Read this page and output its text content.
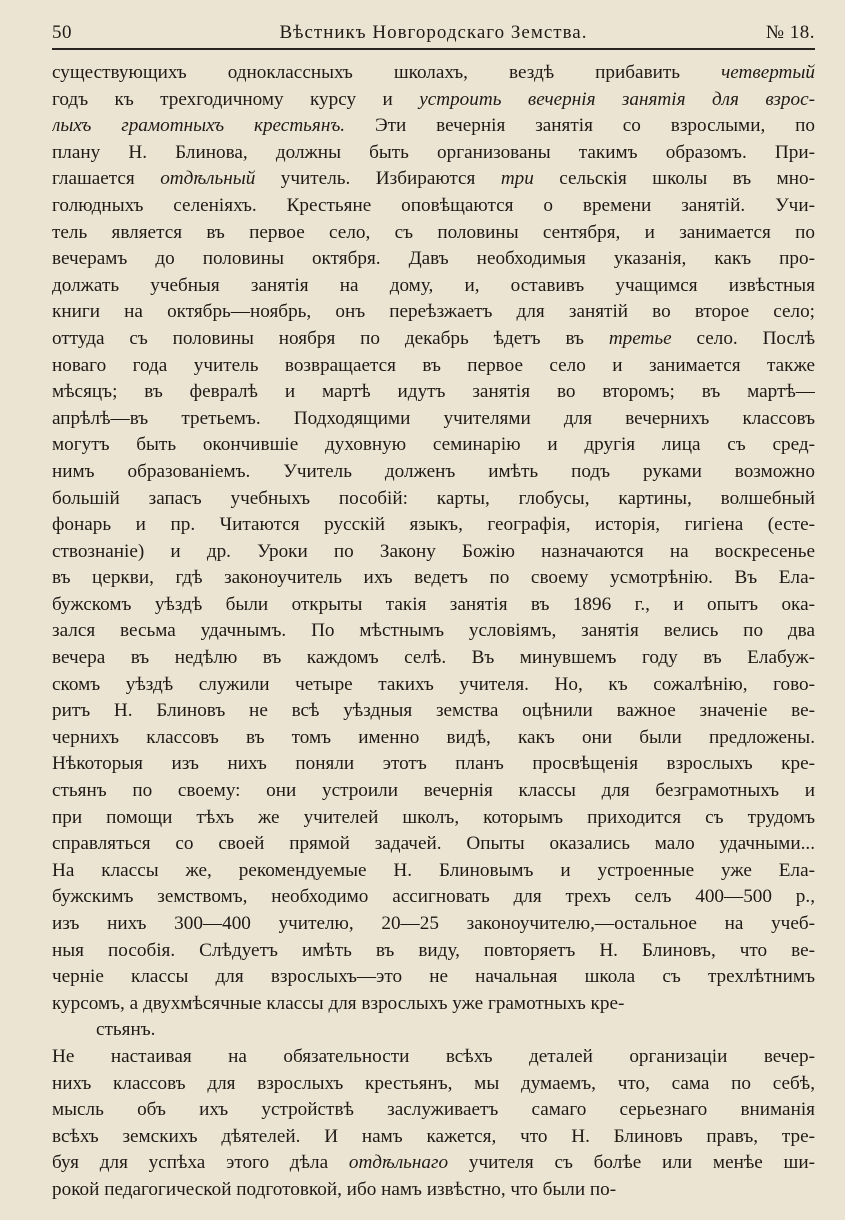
50	Вѣстникъ Новгородскаго Земства.	№ 18.
существующихъ одноклассныхъ школахъ, вездѣ прибавить четвертый
годъ къ трехгодичному курсу и устроить вечернія занятія для взрос-
лыхъ грамотныхъ крестьянъ. Эти вечернія занятія со взрослыми, по
плану Н. Блинова, должны быть организованы такимъ образомъ. При-
глашается отдѣльный учитель. Избираются три сельскія школы въ мно-
голюдныхъ селеніяхъ. Крестьяне оповѣщаются о времени занятій. Учи-
тель является въ первое село, съ половины сентября, и занимается по
вечерамъ до половины октября. Давъ необходимыя указанія, какъ про-
должать учебныя занятія на дому, и, оставивъ учащимся извѣстныя
книги на октябрь—ноябрь, онъ переѣзжаетъ для занятій во второе село;
оттуда съ половины ноября по декабрь ѣдетъ въ третье село. Послѣ
новаго года учитель возвращается въ первое село и занимается также
мѣсяцъ; въ февралѣ и мартѣ идутъ занятія во второмъ; въ мартѣ—
апрѣлѣ—въ третьемъ. Подходящими учителями для вечернихъ классовъ
могутъ быть окончившіе духовную семинарію и другія лица съ сред-
нимъ образованіемъ. Учитель долженъ имѣть подъ руками возможно
большій запасъ учебныхъ пособій: карты, глобусы, картины, волшебный
фонарь и пр. Читаются русскій языкъ, географія, исторія, гигіена (есте-
ствознаніе) и др. Уроки по Закону Божію назначаются на воскресенье
въ церкви, гдѣ законоучитель ихъ ведетъ по своему усмотрѣнію. Въ Ела-
бужскомъ уѣздѣ были открыты такія занятія въ 1896 г., и опытъ ока-
зался весьма удачнымъ. По мѣстнымъ условіямъ, занятія велись по два
вечера въ недѣлю въ каждомъ селѣ. Въ минувшемъ году въ Елабуж-
скомъ уѣздѣ служили четыре такихъ учителя. Но, къ сожалѣнію, гово-
ритъ Н. Блиновъ не всѣ уѣздныя земства оцѣнили важное значеніе ве-
чернихъ классовъ въ томъ именно видѣ, какъ они были предложены.
Нѣкоторыя изъ нихъ поняли этотъ планъ просвѣщенія взрослыхъ кре-
стьянъ по своему: они устроили вечернія классы для безграмотныхъ и
при помощи тѣхъ же учителей школъ, которымъ приходится съ трудомъ
справляться со своей прямой задачей. Опыты оказались мало удачными...
На классы же, рекомендуемые Н. Блиновымъ и устроенные уже Ела-
бужскимъ земствомъ, необходимо ассигновать для трехъ селъ 400—500 р.,
изъ нихъ 300—400 учителю, 20—25 законоучителю,—остальное на учеб-
ныя пособія. Слѣдуетъ имѣть въ виду, повторяетъ Н. Блиновъ, что ве-
черніе классы для взрослыхъ—это не начальная школа съ трехлѣтнимъ
курсомъ, а двухмѣсячные классы для взрослыхъ уже грамотныхъ кре-
стьянъ.
Не настаивая на обязательности всѣхъ деталей организаціи вечер-
нихъ классовъ для взрослыхъ крестьянъ, мы думаемъ, что, сама по себѣ,
мысль объ ихъ устройствѣ заслуживаетъ самаго серьезнаго вниманія
всѣхъ земскихъ дѣятелей. И намъ кажется, что Н. Блиновъ правъ, тре-
буя для успѣха этого дѣла отдѣльнаго учителя съ болѣе или менѣе ши-
рокой педагогической подготовкой, ибо намъ извѣстно, что были по-
